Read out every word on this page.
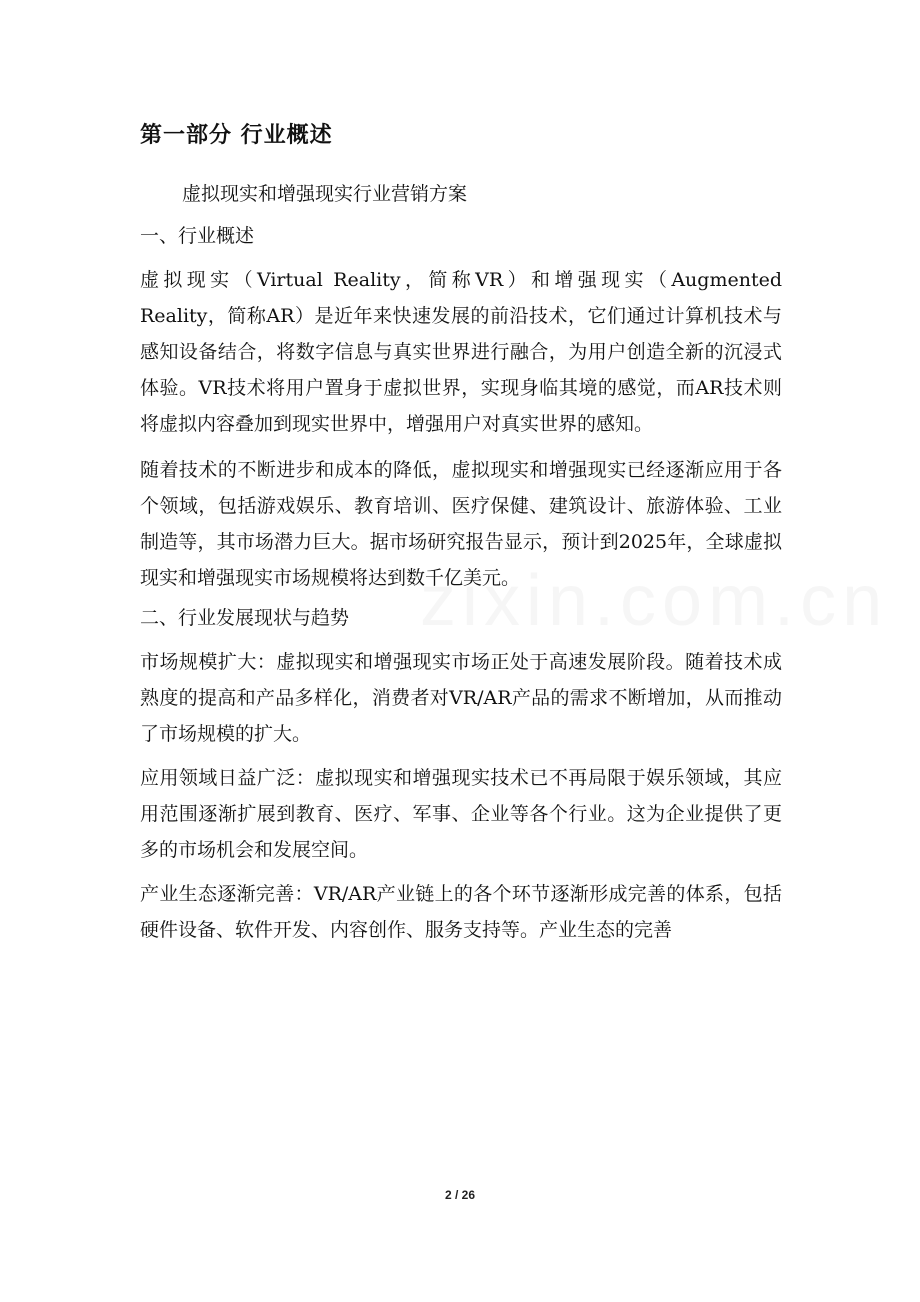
zixin.com.cn
第一部分 行业概述

虚拟现实和增强现实行业营销方案

一、行业概述

虚拟现实（Virtual Reality，简称VR）和增强现实（Augmented Reality，简称AR）是近年来快速发展的前沿技术，它们通过计算机技术与感知设备结合，将数字信息与真实世界进行融合，为用户创造全新的沉浸式体验。VR技术将用户置身于虚拟世界，实现身临其境的感觉，而AR技术则将虚拟内容叠加到现实世界中，增强用户对真实世界的感知。

随着技术的不断进步和成本的降低，虚拟现实和增强现实已经逐渐应用于各个领域，包括游戏娱乐、教育培训、医疗保健、建筑设计、旅游体验、工业制造等，其市场潜力巨大。据市场研究报告显示，预计到2025年，全球虚拟现实和增强现实市场规模将达到数千亿美元。

二、行业发展现状与趋势

市场规模扩大：虚拟现实和增强现实市场正处于高速发展阶段。随着技术成熟度的提高和产品多样化，消费者对VR/AR产品的需求不断增加，从而推动了市场规模的扩大。

应用领域日益广泛：虚拟现实和增强现实技术已不再局限于娱乐领域，其应用范围逐渐扩展到教育、医疗、军事、企业等各个行业。这为企业提供了更多的市场机会和发展空间。

产业生态逐渐完善：VR/AR产业链上的各个环节逐渐形成完善的体系，包括硬件设备、软件开发、内容创作、服务支持等。产业生态的完善

2 / 26
